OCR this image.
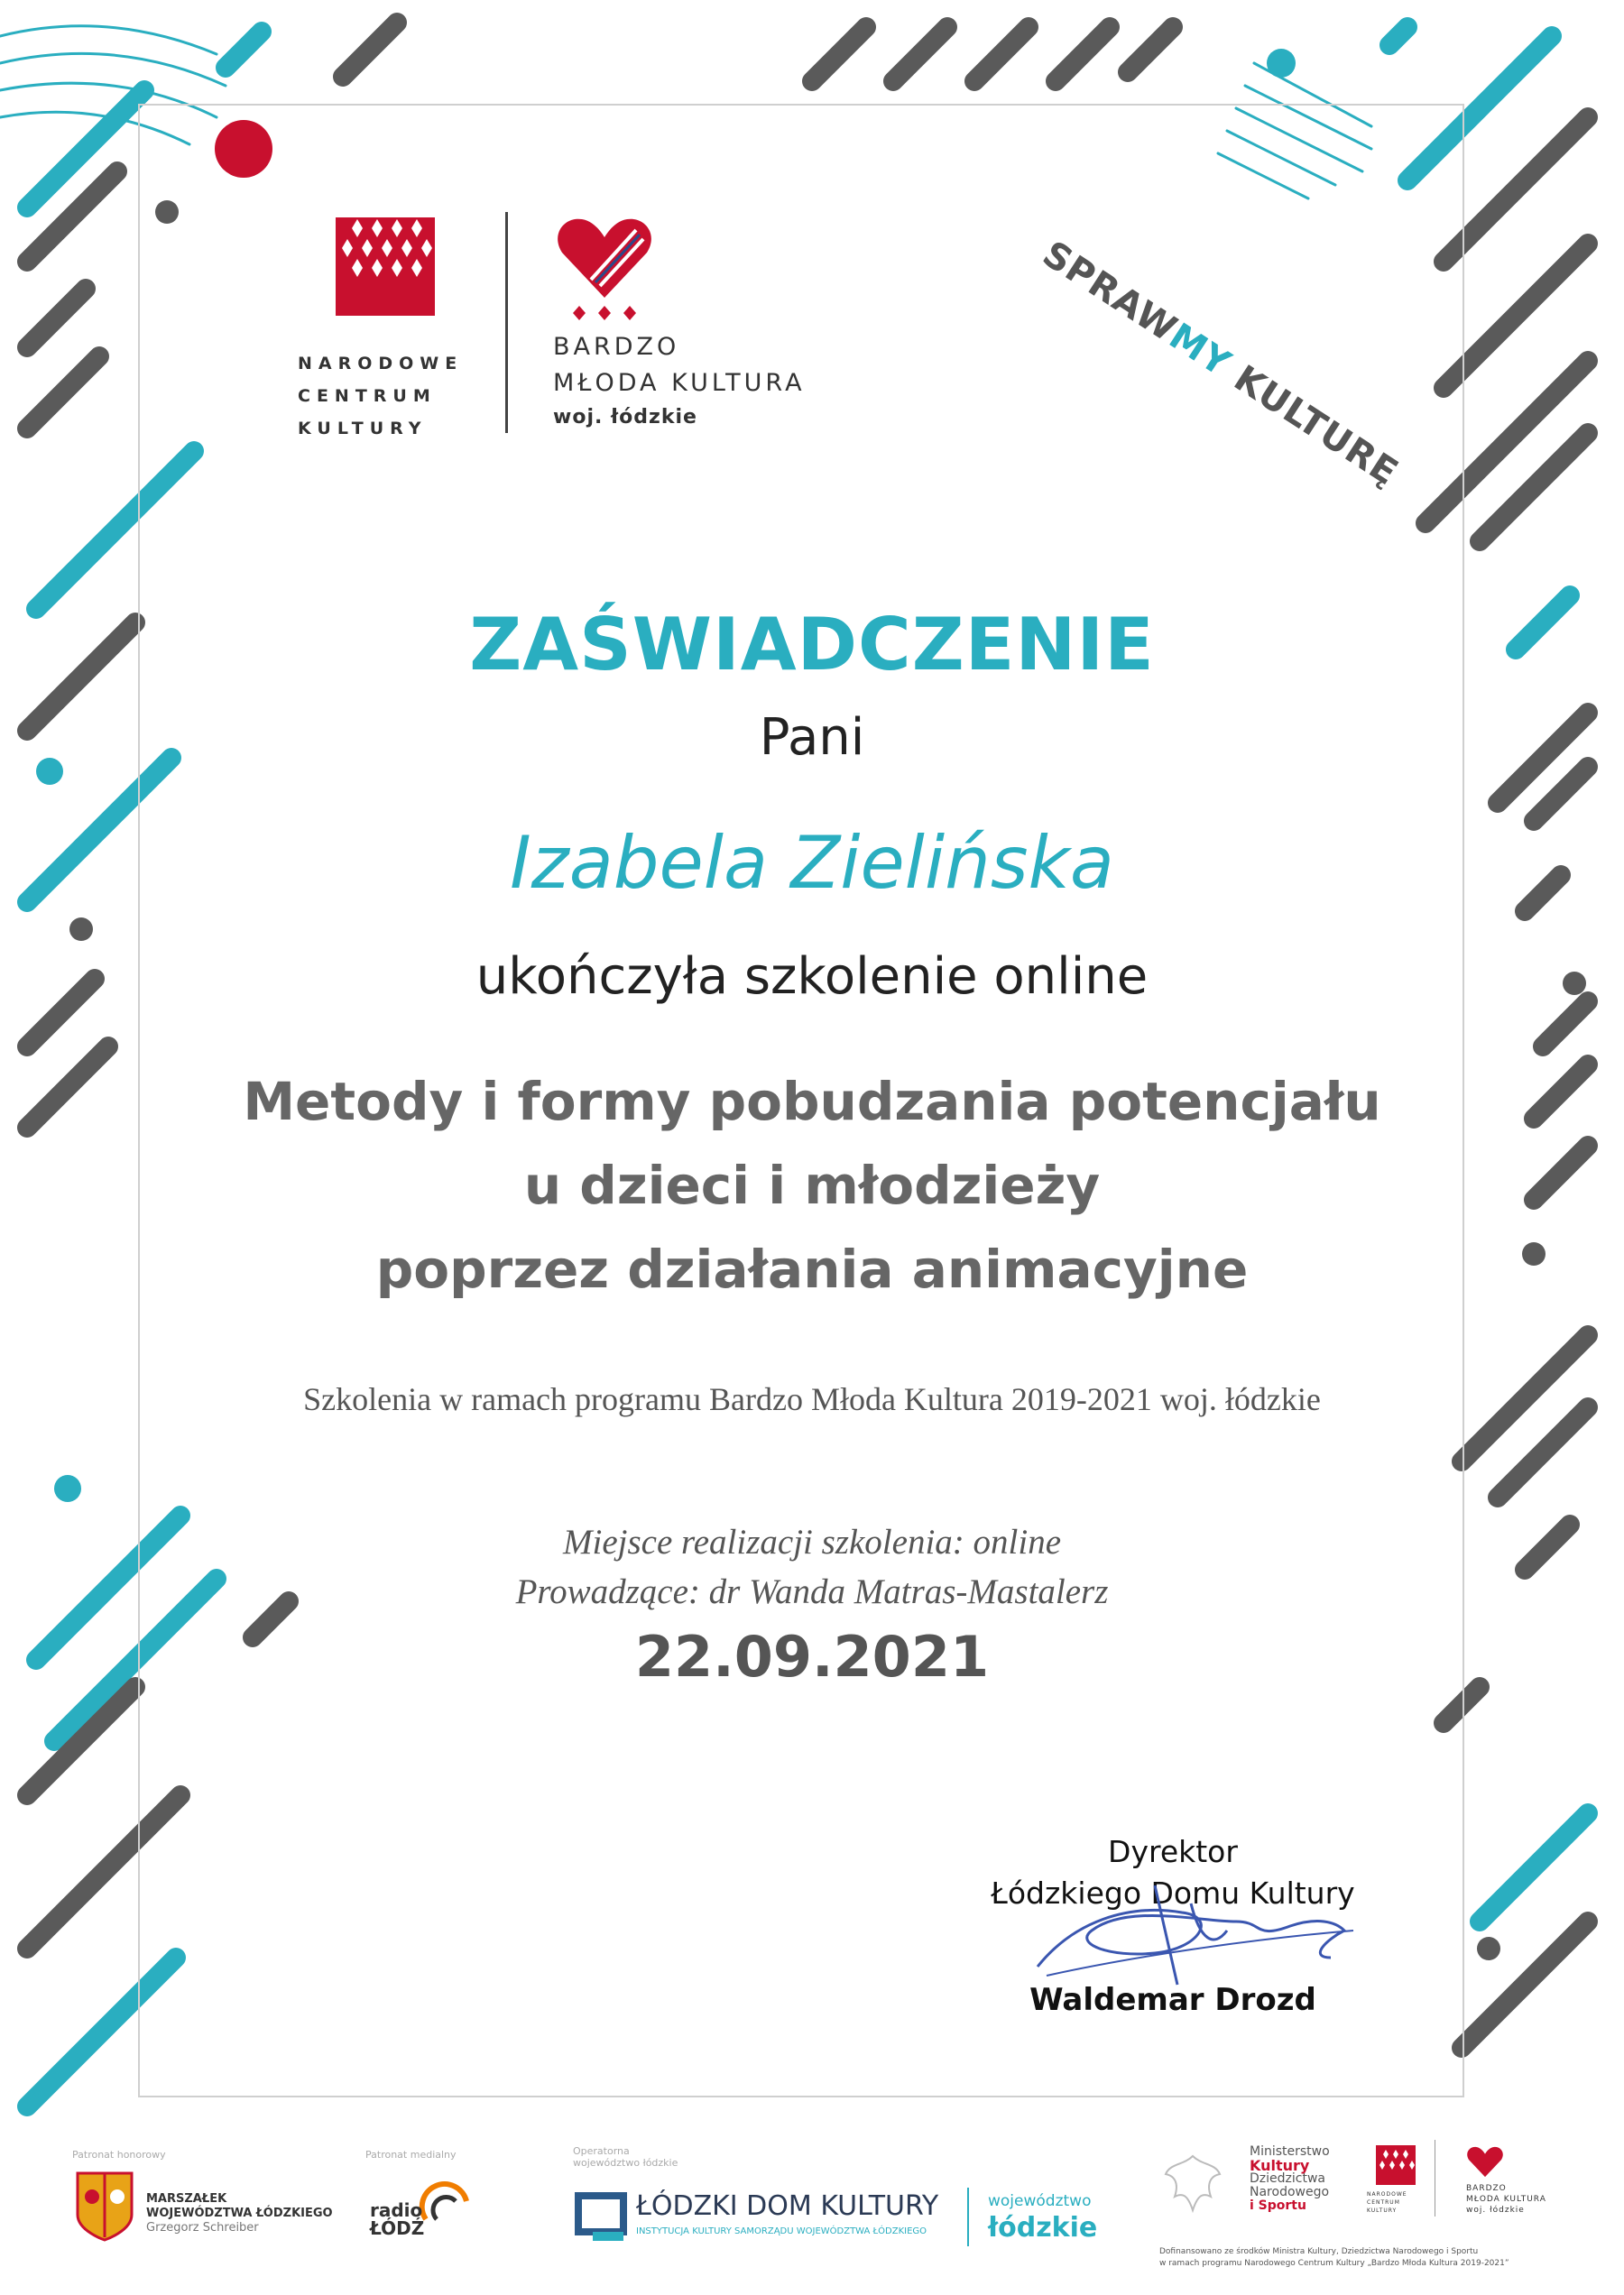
NARODOWE
CENTRUM
KULTURY
BARDZO
MŁODA KULTURA
woj. łódzkie
SPRAWMY KULTURĘ
ZAŚWIADCZENIE
Pani
Izabela Zielińska
ukończyła szkolenie online
Metody i formy pobudzania potencjału
u dzieci i młodzieży
poprzez działania animacyjne
Szkolenia w ramach programu Bardzo Młoda Kultura 2019-2021 woj. łódzkie
Miejsce realizacji szkolenia: online
Prowadzące: dr Wanda Matras-Mastalerz
22.09.2021
Dyrektor
Łódzkiego Domu Kultury
Waldemar Drozd
Patronat honorowy
MARSZAŁEK
WOJEWÓDZTWA ŁÓDZKIEGO
Grzegorz Schreiber
Patronat medialny
radio
ŁÓDŹ
Operatorna
województwo łódzkie
ŁÓDZKI DOM KULTURY
INSTYTUCJA KULTURY SAMORZĄDU WOJEWÓDZTWA ŁÓDZKIEGO
województwo
łódzkie
Ministerstwo
Kultury
Dziedzictwa
Narodowego
i Sportu
NARODOWE CENTRUM KULTURY
BARDZO
MŁODA KULTURA
woj. łódzkie
Dofinansowano ze środków Ministra Kultury, Dziedzictwa Narodowego i Sportu
w ramach programu Narodowego Centrum Kultury „Bardzo Młoda Kultura 2019-2021”
